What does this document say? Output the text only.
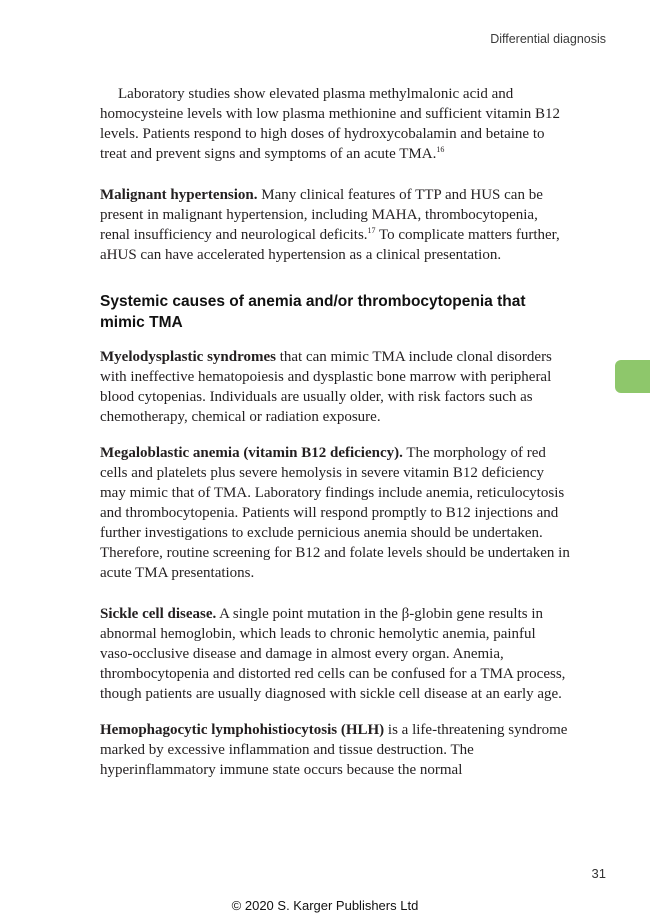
Differential diagnosis

Laboratory studies show elevated plasma methylmalonic acid and homocysteine levels with low plasma methionine and sufficient vitamin B12 levels. Patients respond to high doses of hydroxycobalamin and betaine to treat and prevent signs and symptoms of an acute TMA.$^{16}$

Malignant hypertension. Many clinical features of TTP and HUS can be present in malignant hypertension, including MAHA, thrombocytopenia, renal insufficiency and neurological deficits.$^{17}$ To complicate matters further, aHUS can have accelerated hypertension as a clinical presentation.

Systemic causes of anemia and/or thrombocytopenia that mimic TMA

Myelodysplastic syndromes that can mimic TMA include clonal disorders with ineffective hematopoiesis and dysplastic bone marrow with peripheral blood cytopenias. Individuals are usually older, with risk factors such as chemotherapy, chemical or radiation exposure.

Megaloblastic anemia (vitamin B12 deficiency). The morphology of red cells and platelets plus severe hemolysis in severe vitamin B12 deficiency may mimic that of TMA. Laboratory findings include anemia, reticulocytosis and thrombocytopenia. Patients will respond promptly to B12 injections and further investigations to exclude pernicious anemia should be undertaken. Therefore, routine screening for B12 and folate levels should be undertaken in acute TMA presentations.

Sickle cell disease. A single point mutation in the β-globin gene results in abnormal hemoglobin, which leads to chronic hemolytic anemia, painful vaso-occlusive disease and damage in almost every organ. Anemia, thrombocytopenia and distorted red cells can be confused for a TMA process, though patients are usually diagnosed with sickle cell disease at an early age.

Hemophagocytic lymphohistiocytosis (HLH) is a life-threatening syndrome marked by excessive inflammation and tissue destruction. The hyperinflammatory immune state occurs because the normal

31
© 2020 S. Karger Publishers Ltd
